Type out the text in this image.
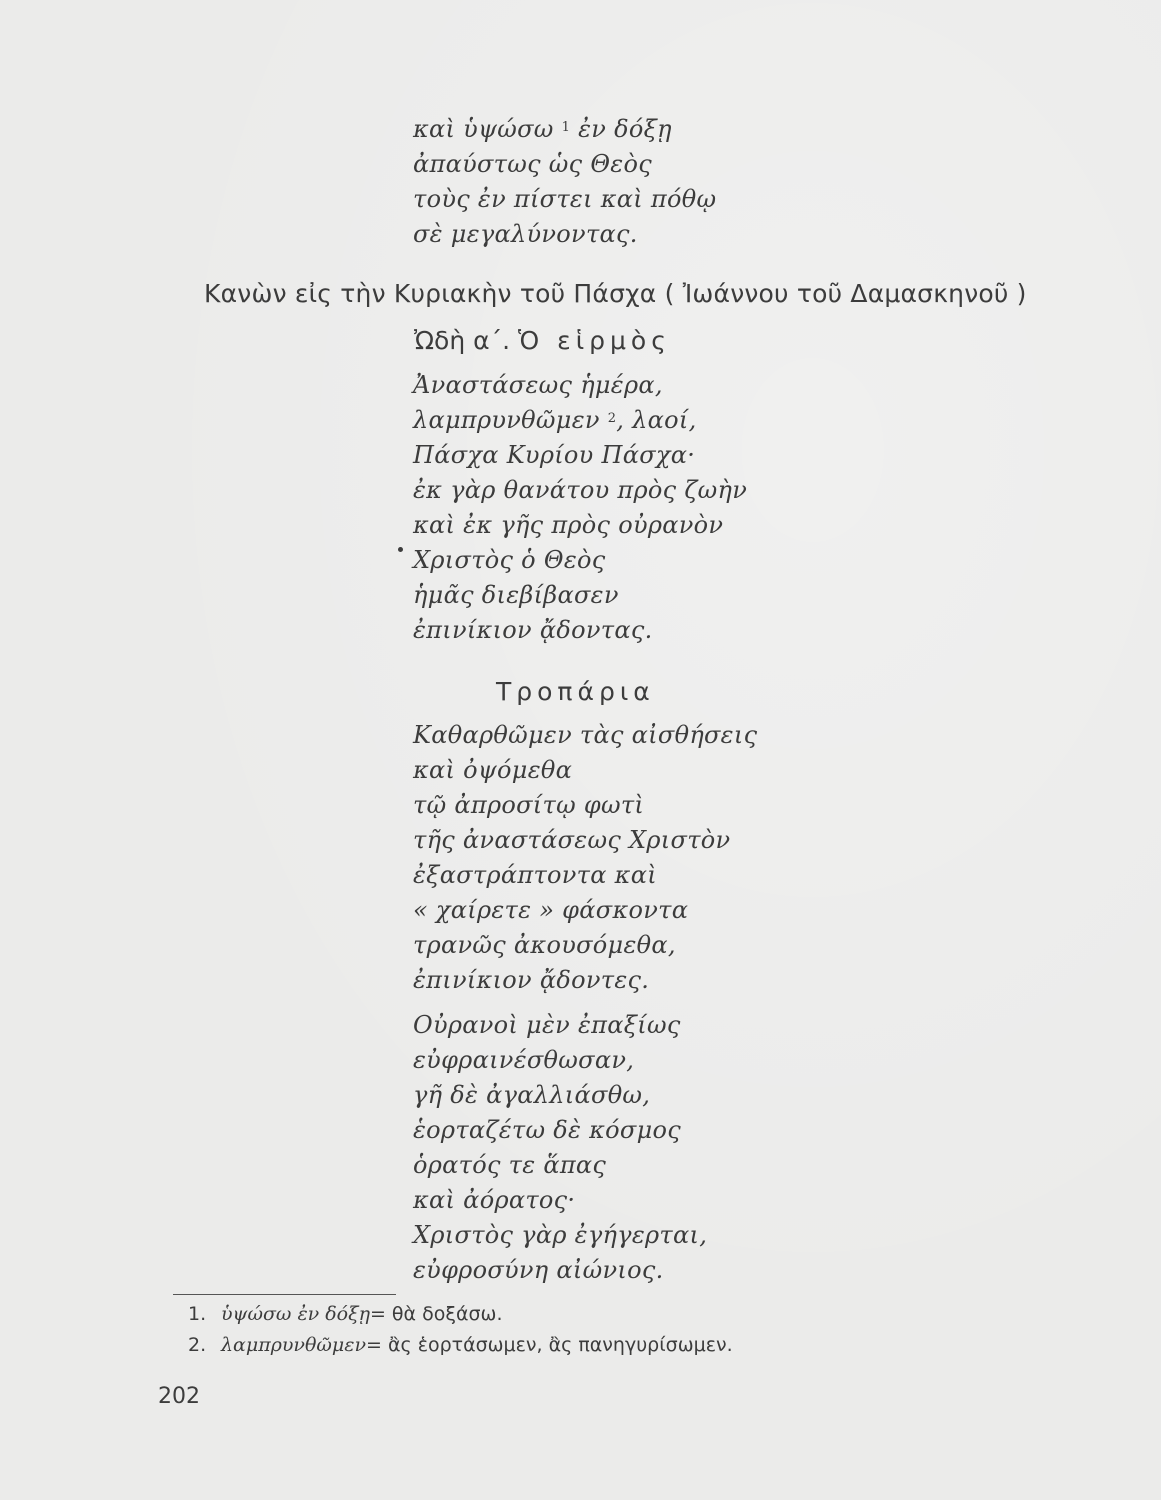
καὶ ὑψώσω $^1$ ἐν δόξῃ
ἀπαύστως ὡς Θεὸς
τοὺς ἐν πίστει καὶ πόθῳ
σὲ μεγαλύνοντας.
Κανὼν εἰς τὴν Κυριακὴν τοῦ Πάσχα ( Ἰωάννου τοῦ Δαμασκηνοῦ )
Ὠδὴ α΄. Ὁ εἱρμὸς
Ἀναστάσεως ἡμέρα,
λαμπρυνθῶμεν $^2$, λαοί,
Πάσχα Κυρίου Πάσχα·
ἐκ γὰρ θανάτου πρὸς ζωὴν
καὶ ἐκ γῆς πρὸς οὐρανὸν
Χριστὸς ὁ Θεὸς
ἡμᾶς διεβίβασεν
ἐπινίκιον ᾄδοντας.
Τροπάρια
Καθαρθῶμεν τὰς αἰσθήσεις
καὶ ὀψόμεθα
τῷ ἀπροσίτῳ φωτὶ
τῆς ἀναστάσεως Χριστὸν
ἐξαστράπτοντα καὶ
« χαίρετε » φάσκοντα
τρανῶς ἀκουσόμεθα,
ἐπινίκιον ᾄδοντες.
Οὐρανοὶ μὲν ἐπαξίως
εὐφραινέσθωσαν,
γῆ δὲ ἀγαλλιάσθω,
ἑορταζέτω δὲ κόσμος
ὁρατός τε ἅπας
καὶ ἀόρατος·
Χριστὸς γὰρ ἐγήγερται,
εὐφροσύνη αἰώνιος.
1. ὑψώσω ἐν δόξῃ= θὰ δοξάσω.
2. λαμπρυνθῶμεν= ἂς ἑορτάσωμεν, ἂς πανηγυρίσωμεν.
202
